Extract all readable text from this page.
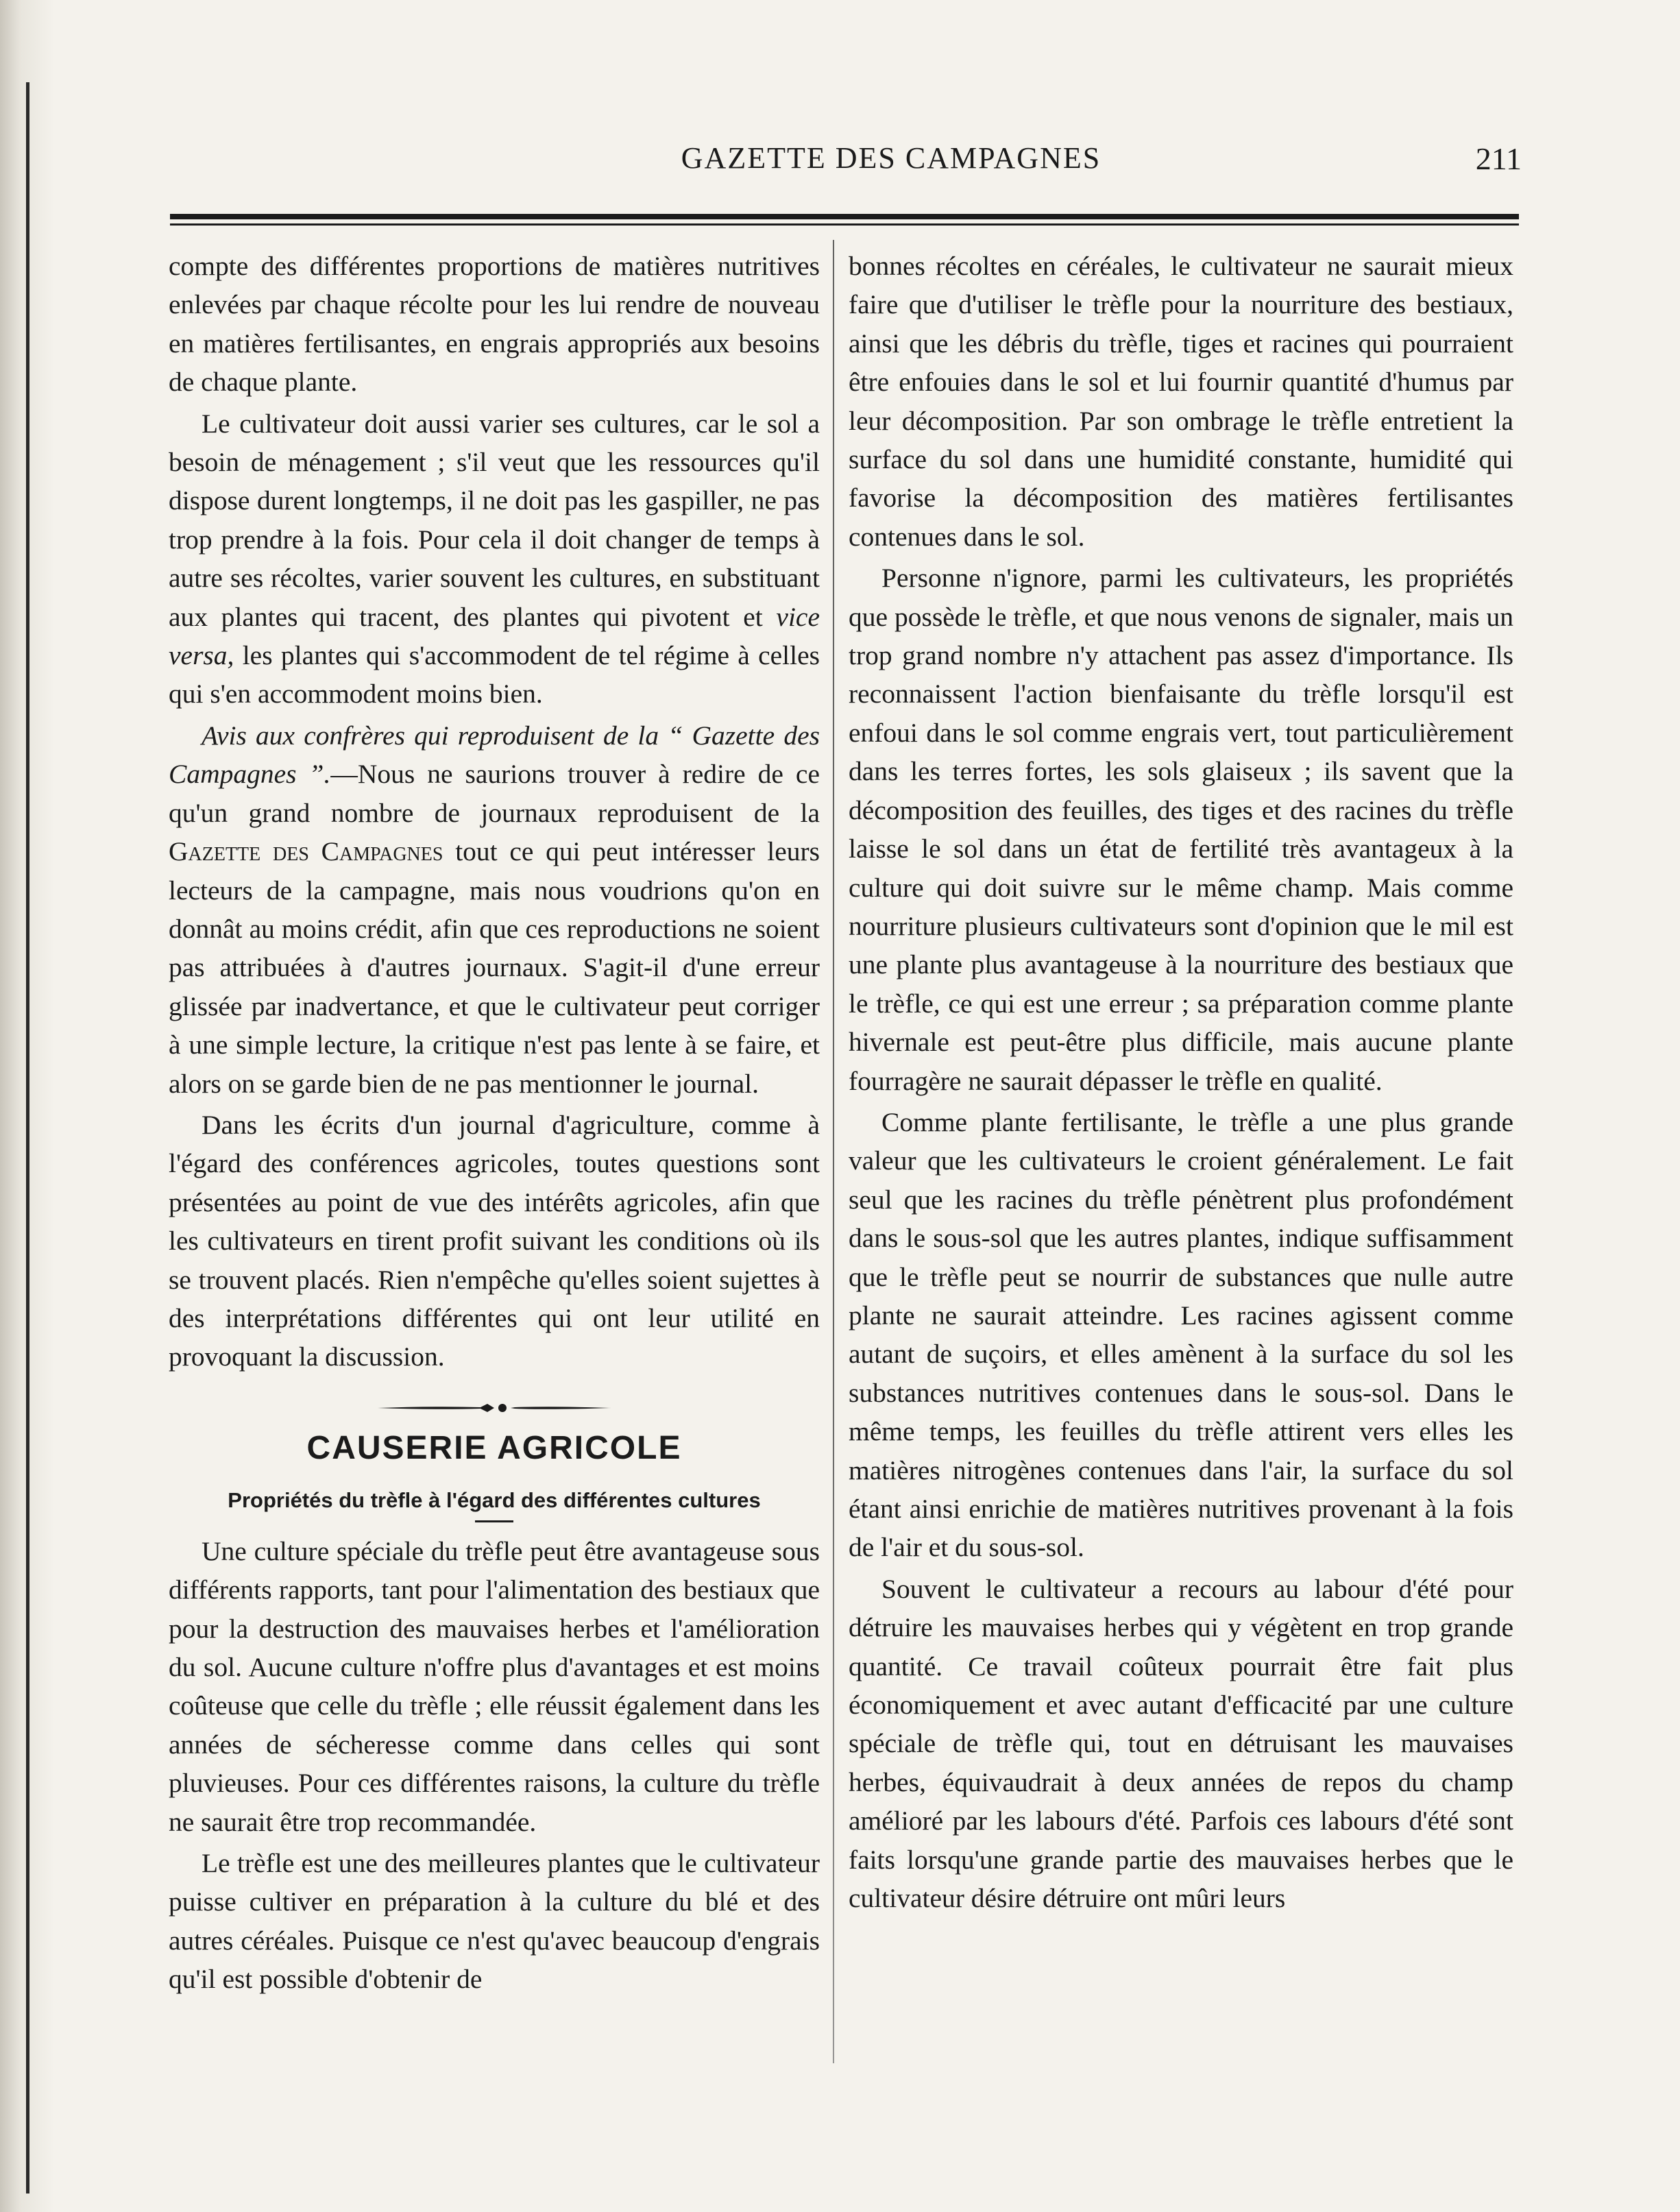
GAZETTE DES CAMPAGNES	211

compte des différentes proportions de matières nutritives enlevées par chaque récolte pour les lui rendre de nouveau en matières fertilisantes, en engrais appropriés aux besoins de chaque plante.

Le cultivateur doit aussi varier ses cultures, car le sol a besoin de ménagement ; s'il veut que les ressources qu'il dispose durent longtemps, il ne doit pas les gaspiller, ne pas trop prendre à la fois. Pour cela il doit changer de temps à autre ses récoltes, varier souvent les cultures, en substituant aux plantes qui tracent, des plantes qui pivotent et vice versa, les plantes qui s'accommodent de tel régime à celles qui s'en accommodent moins bien.

Avis aux confrères qui reproduisent de la “ Gazette des Campagnes ”.—Nous ne saurions trouver à redire de ce qu'un grand nombre de journaux reproduisent de la Gazette des Campagnes tout ce qui peut intéresser leurs lecteurs de la campagne, mais nous voudrions qu'on en donnât au moins crédit, afin que ces reproductions ne soient pas attribuées à d'autres journaux. S'agit-il d'une erreur glissée par inadvertance, et que le cultivateur peut corriger à une simple lecture, la critique n'est pas lente à se faire, et alors on se garde bien de ne pas mentionner le journal.

Dans les écrits d'un journal d'agriculture, comme à l'égard des conférences agricoles, toutes questions sont présentées au point de vue des intérêts agricoles, afin que les cultivateurs en tirent profit suivant les conditions où ils se trouvent placés. Rien n'empêche qu'elles soient sujettes à des interprétations différentes qui ont leur utilité en provoquant la discussion.

CAUSERIE AGRICOLE
Propriétés du trèfle à l'égard des différentes cultures

Une culture spéciale du trèfle peut être avantageuse sous différents rapports, tant pour l'alimentation des bestiaux que pour la destruction des mauvaises herbes et l'amélioration du sol. Aucune culture n'offre plus d'avantages et est moins coûteuse que celle du trèfle ; elle réussit également dans les années de sécheresse comme dans celles qui sont pluvieuses. Pour ces différentes raisons, la culture du trèfle ne saurait être trop recommandée.

Le trèfle est une des meilleures plantes que le cultivateur puisse cultiver en préparation à la culture du blé et des autres céréales. Puisque ce n'est qu'avec beaucoup d'engrais qu'il est possible d'obtenir de

bonnes récoltes en céréales, le cultivateur ne saurait mieux faire que d'utiliser le trèfle pour la nourriture des bestiaux, ainsi que les débris du trèfle, tiges et racines qui pourraient être enfouies dans le sol et lui fournir quantité d'humus par leur décomposition. Par son ombrage le trèfle entretient la surface du sol dans une humidité constante, humidité qui favorise la décomposition des matières fertilisantes contenues dans le sol.

Personne n'ignore, parmi les cultivateurs, les propriétés que possède le trèfle, et que nous venons de signaler, mais un trop grand nombre n'y attachent pas assez d'importance. Ils reconnaissent l'action bienfaisante du trèfle lorsqu'il est enfoui dans le sol comme engrais vert, tout particulièrement dans les terres fortes, les sols glaiseux ; ils savent que la décomposition des feuilles, des tiges et des racines du trèfle laisse le sol dans un état de fertilité très avantageux à la culture qui doit suivre sur le même champ. Mais comme nourriture plusieurs cultivateurs sont d'opinion que le mil est une plante plus avantageuse à la nourriture des bestiaux que le trèfle, ce qui est une erreur ; sa préparation comme plante hivernale est peut-être plus difficile, mais aucune plante fourragère ne saurait dépasser le trèfle en qualité.

Comme plante fertilisante, le trèfle a une plus grande valeur que les cultivateurs le croient généralement. Le fait seul que les racines du trèfle pénètrent plus profondément dans le sous-sol que les autres plantes, indique suffisamment que le trèfle peut se nourrir de substances que nulle autre plante ne saurait atteindre. Les racines agissent comme autant de suçoirs, et elles amènent à la surface du sol les substances nutritives contenues dans le sous-sol. Dans le même temps, les feuilles du trèfle attirent vers elles les matières nitrogènes contenues dans l'air, la surface du sol étant ainsi enrichie de matières nutritives provenant à la fois de l'air et du sous-sol.

Souvent le cultivateur a recours au labour d'été pour détruire les mauvaises herbes qui y végètent en trop grande quantité. Ce travail coûteux pourrait être fait plus économiquement et avec autant d'efficacité par une culture spéciale de trèfle qui, tout en détruisant les mauvaises herbes, équivaudrait à deux années de repos du champ amélioré par les labours d'été. Parfois ces labours d'été sont faits lorsqu'une grande partie des mauvaises herbes que le cultivateur désire détruire ont mûri leurs
